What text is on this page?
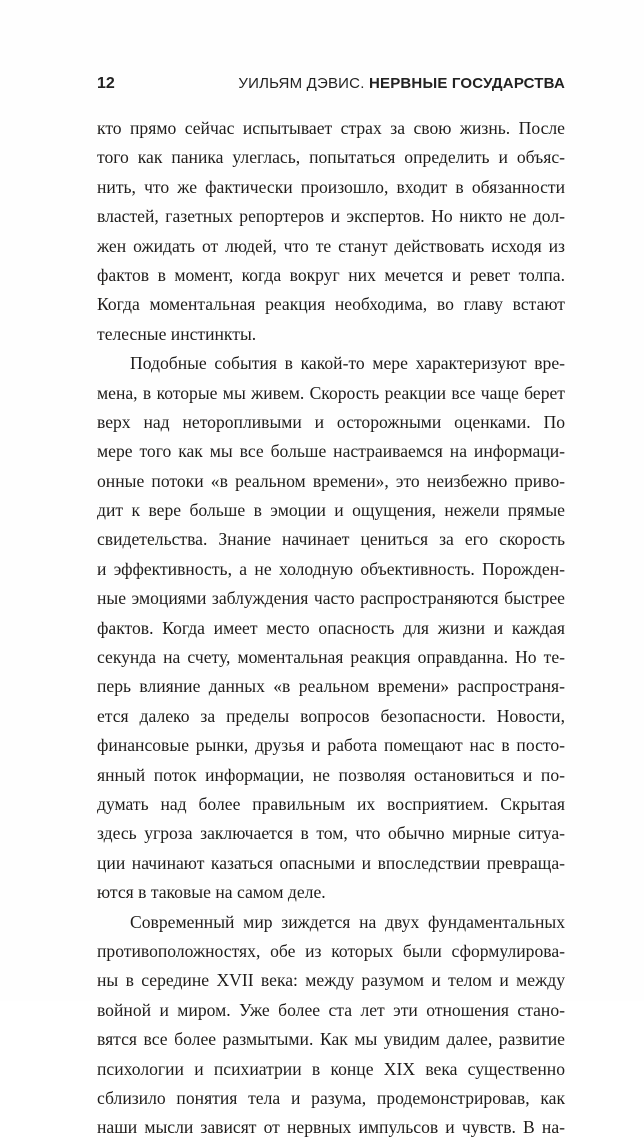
12	УИЛЬЯМ ДЭВИС. НЕРВНЫЕ ГОСУДАРСТВА
кто прямо сейчас испытывает страх за свою жизнь. После
того как паника улеглась, попытаться определить и объяс-
нить, что же фактически произошло, входит в обязанности
властей, газетных репортеров и экспертов. Но никто не дол-
жен ожидать от людей, что те станут действовать исходя из
фактов в момент, когда вокруг них мечется и ревет толпа.
Когда моментальная реакция необходима, во главу встают
телесные инстинкты.
Подобные события в какой-то мере характеризуют вре-
мена, в которые мы живем. Скорость реакции все чаще берет
верх над неторопливыми и осторожными оценками. По
мере того как мы все больше настраиваемся на информаци-
онные потоки «в реальном времени», это неизбежно приво-
дит к вере больше в эмоции и ощущения, нежели прямые
свидетельства. Знание начинает цениться за его скорость
и эффективность, а не холодную объективность. Порожден-
ные эмоциями заблуждения часто распространяются быстрее
фактов. Когда имеет место опасность для жизни и каждая
секунда на счету, моментальная реакция оправданна. Но те-
перь влияние данных «в реальном времени» распространя-
ется далеко за пределы вопросов безопасности. Новости,
финансовые рынки, друзья и работа помещают нас в посто-
янный поток информации, не позволяя остановиться и по-
думать над более правильным их восприятием. Скрытая
здесь угроза заключается в том, что обычно мирные ситуа-
ции начинают казаться опасными и впоследствии превраща-
ются в таковые на самом деле.
Современный мир зиждется на двух фундаментальных
противоположностях, обе из которых были сформулирова-
ны в середине XVII века: между разумом и телом и между
войной и миром. Уже более ста лет эти отношения стано-
вятся все более размытыми. Как мы увидим далее, развитие
психологии и психиатрии в конце XIX века существенно
сблизило понятия тела и разума, продемонстрировав, как
наши мысли зависят от нервных импульсов и чувств. В на-
